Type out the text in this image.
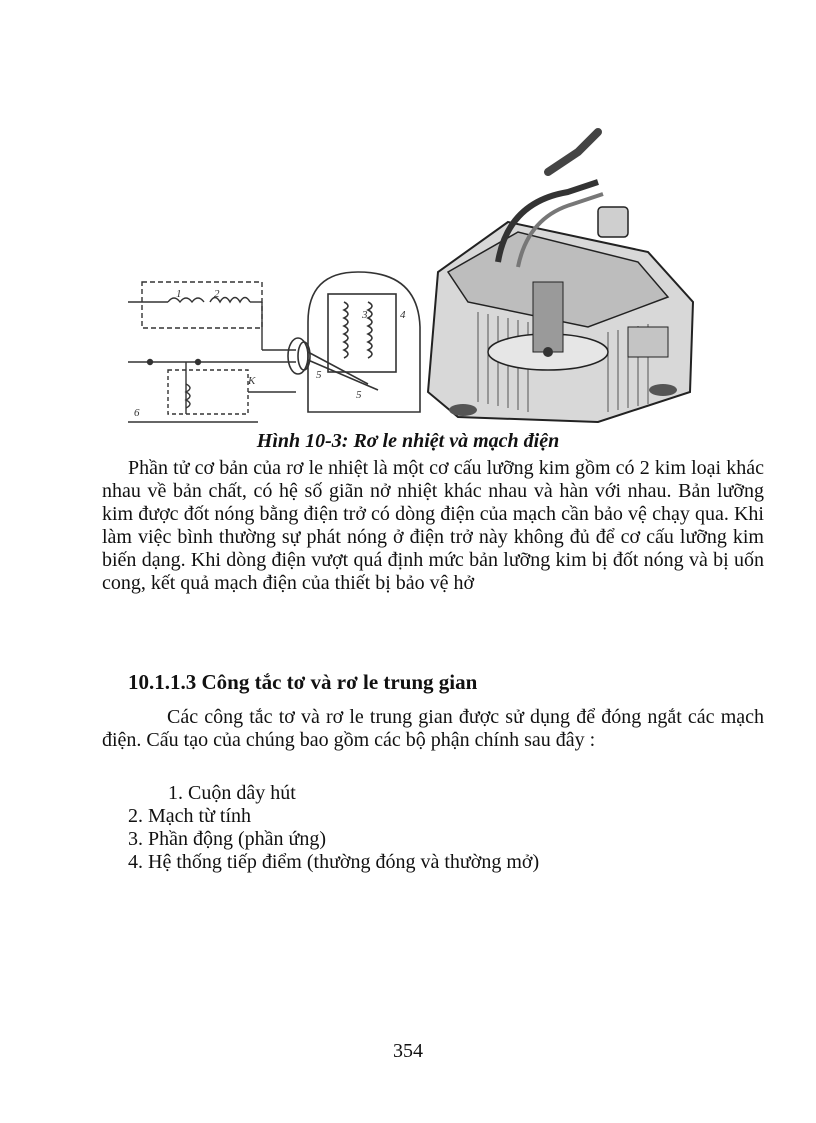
1	2
K
6
3	4
5
5
Hình 10-3: Rơ le nhiệt và mạch điện

Phần tử cơ bản của rơ le nhiệt là một cơ cấu lưỡng kim gồm có 2 kim loại khác nhau về bản chất, có hệ số giãn nở nhiệt khác nhau và hàn với nhau. Bản lưỡng kim được đốt nóng bằng điện trở có dòng điện của mạch cần bảo vệ chạy qua. Khi làm việc bình thường sự phát nóng ở điện trở này không đủ để cơ cấu lưỡng kim biến dạng. Khi dòng điện vượt quá định mức bản lưỡng kim bị đốt nóng và bị uốn cong, kết quả mạch điện của thiết bị bảo vệ hở

10.1.1.3 Công tắc tơ và rơ le trung gian

Các công tắc tơ và rơ le trung gian được sử dụng để đóng ngắt các mạch điện. Cấu tạo của chúng bao gồm các bộ phận chính sau đây :

1. Cuộn dây hút
2. Mạch từ tính
3. Phần động (phần ứng)
4. Hệ thống tiếp điểm (thường đóng và thường mở)
354
